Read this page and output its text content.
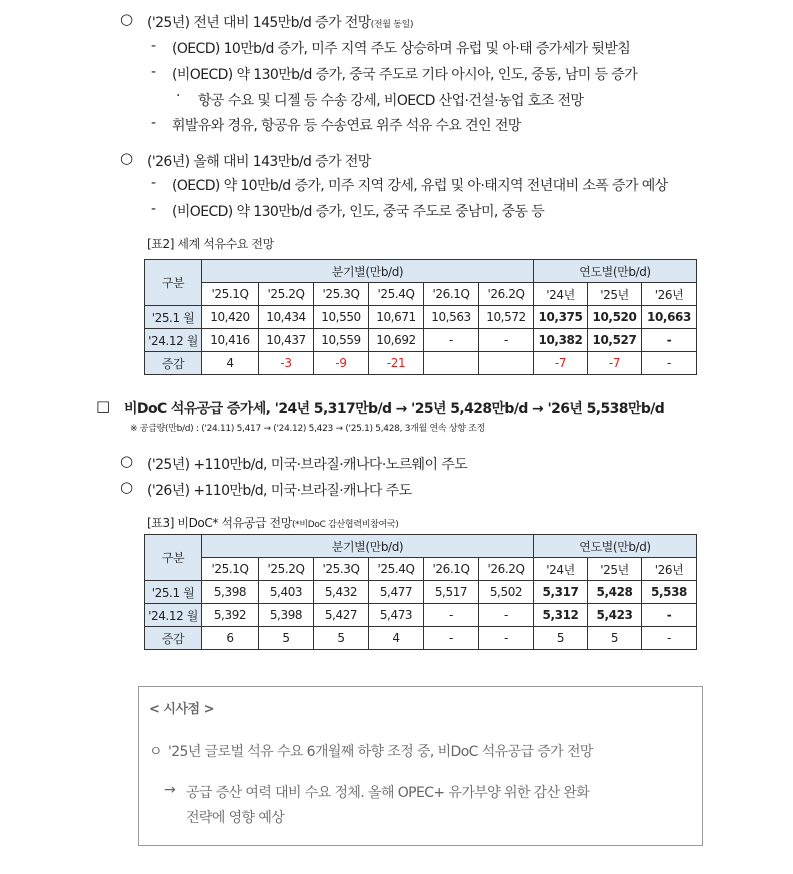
○ ('25년) 전년 대비 145만b/d 증가 전망(전월 동일)
- (OECD) 10만b/d 증가, 미주 지역 주도 상승하며 유럽 및 아·태 증가세가 뒷받침
- (비OECD) 약 130만b/d 증가, 중국 주도로 기타 아시아, 인도, 중동, 남미 등 증가
· 항공 수요 및 디젤 등 수송 강세, 비OECD 산업·건설·농업 호조 전망
- 휘발유와 경유, 항공유 등 수송연료 위주 석유 수요 견인 전망
○ ('26년) 올해 대비 143만b/d 증가 전망
- (OECD) 약 10만b/d 증가, 미주 지역 강세, 유럽 및 아·태지역 전년대비 소폭 증가 예상
- (비OECD) 약 130만b/d 증가, 인도, 중국 주도로 중남미, 중동 등
[표2] 세계 석유수요 전망
구분	분기별(만b/d)						연도별(만b/d)		
	'25.1Q	'25.2Q	'25.3Q	'25.4Q	'26.1Q	'26.2Q	'24년	'25년	'26년
'25.1 월	10,420	10,434	10,550	10,671	10,563	10,572	10,375	10,520	10,663
'24.12 월	10,416	10,437	10,559	10,692	-	-	10,382	10,527	-
증감	4	-3	-9	-21			-7	-7	-
□ 비DoC 석유공급 증가세, '24년 5,317만b/d → '25년 5,428만b/d → '26년 5,538만b/d
※ 공급량(만b/d) : ('24.11) 5,417 → ('24.12) 5,423 → ('25.1) 5,428, 3개월 연속 상향 조정
○ ('25년) +110만b/d, 미국·브라질·캐나다·노르웨이 주도
○ ('26년) +110만b/d, 미국·브라질·캐나다 주도
[표3] 비DoC* 석유공급 전망(*비DoC 감산협력비참여국)
구분	분기별(만b/d)						연도별(만b/d)		
	'25.1Q	'25.2Q	'25.3Q	'25.4Q	'26.1Q	'26.2Q	'24년	'25년	'26년
'25.1 월	5,398	5,403	5,432	5,477	5,517	5,502	5,317	5,428	5,538
'24.12 월	5,392	5,398	5,427	5,473	-	-	5,312	5,423	-
증감	6	5	5	4	-	-	5	5	-
< 시사점 >
ㅇ '25년 글로벌 석유 수요 6개월째 하향 조정 중, 비DoC 석유공급 증가 전망
→ 공급 증산 여력 대비 수요 정체. 올해 OPEC+ 유가부양 위한 감산 완화
전략에 영향 예상
